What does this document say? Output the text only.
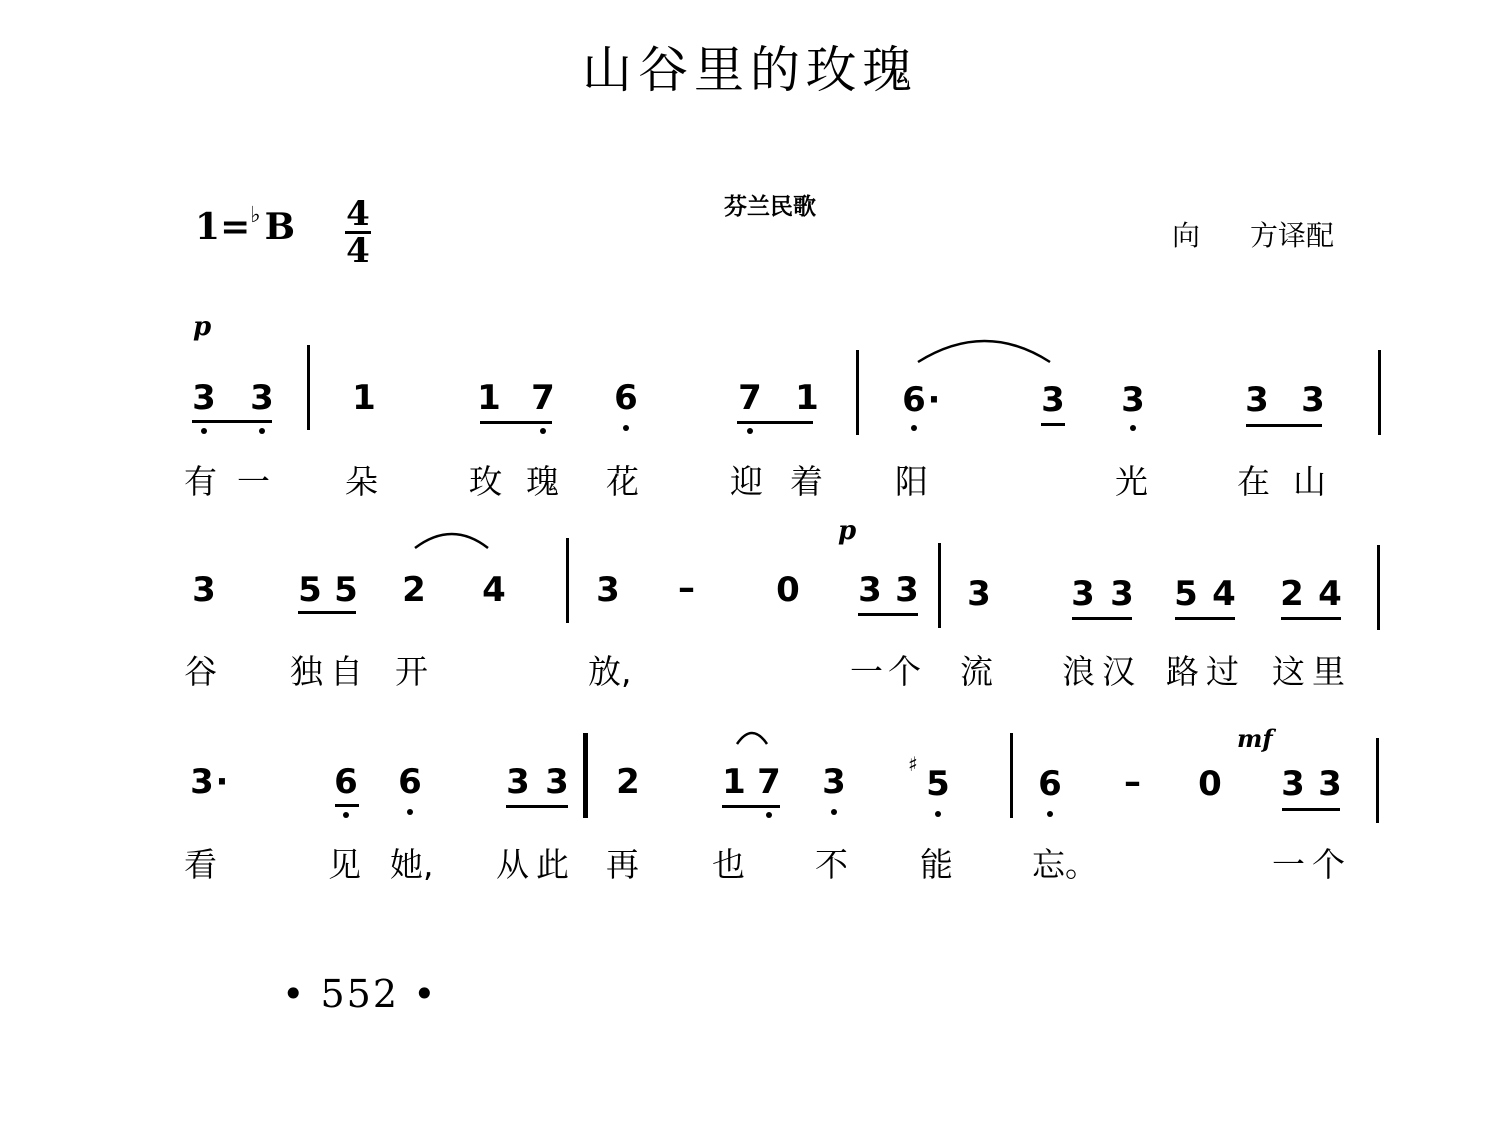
山谷里的玫瑰
芬兰民歌
向 方译配
1=♭ B 4
4
p
3 3 1	1 7 6	7 1 6 ·	3 3	3 3
有 一 朵	玫 瑰 花	迎 着 阳	光	在 山
p
3 5 5 2 4	3 – 0 3 3 3 3 3 5 4 2 4
谷 独 自 开	放,	一 个 流 浪 汉 路 过 这 里
mf
3 ·	6 6 3 3 2 1 7 3	♯ 5	6 – 0 3 3
看	见 她, 从 此 再 也 不 能 忘。	一 个
• 552 •
